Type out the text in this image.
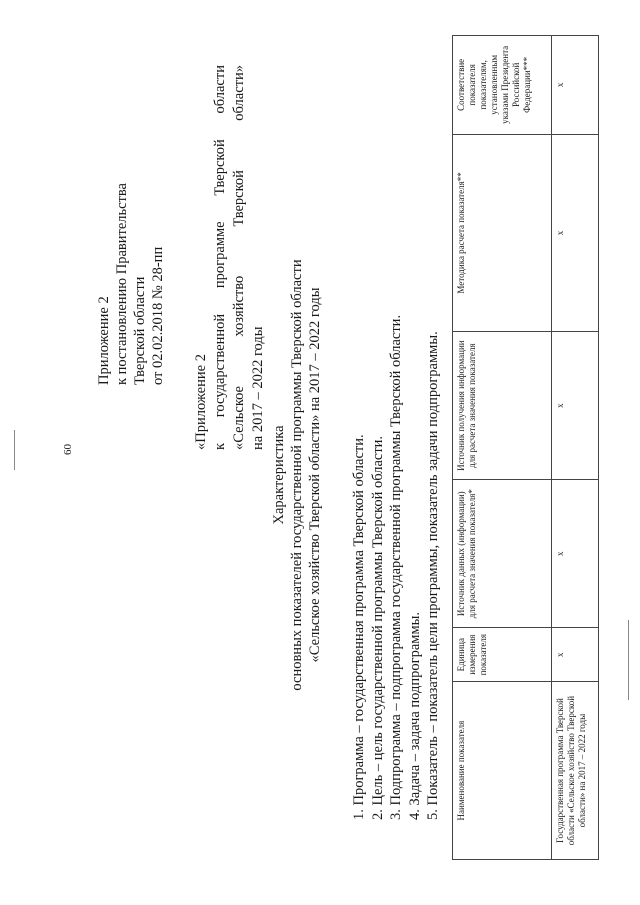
60
Приложение 2 к постановлению Правительства Тверской области от 02.02.2018 № 28-пп
«Приложение 2 к
государственной
программе
Тверской
области
«Сельское
хозяйство
Тверской
области»
на 2017 – 2022 годы
Характеристика основных показателей государственной программы Тверской области «Сельское хозяйство Тверской области» на 2017 – 2022 годы 1. Программа – государственная программа Тверской области. 2. Цель – цель государственной программы Тверской области. 3. Подпрограмма – подпрограмма государственной программы Тверской области. 4. Задача – задача подпрограммы. 5. Показатель – показатель цели программы, показатель задачи подпрограммы. Наименование показателя	Единица измерения показателя	Источник данных (информации) для расчета значения показателя*	Источник получения информации для расчета значения показателя	Методика расчета показателя**	Соответствие показателя показателям, установленным указами Президента Российской Федерации***
Государственная программа Тверской области «Сельское хозяйство Тверской области» на 2017 – 2022 годы	х	х	х	х	х
